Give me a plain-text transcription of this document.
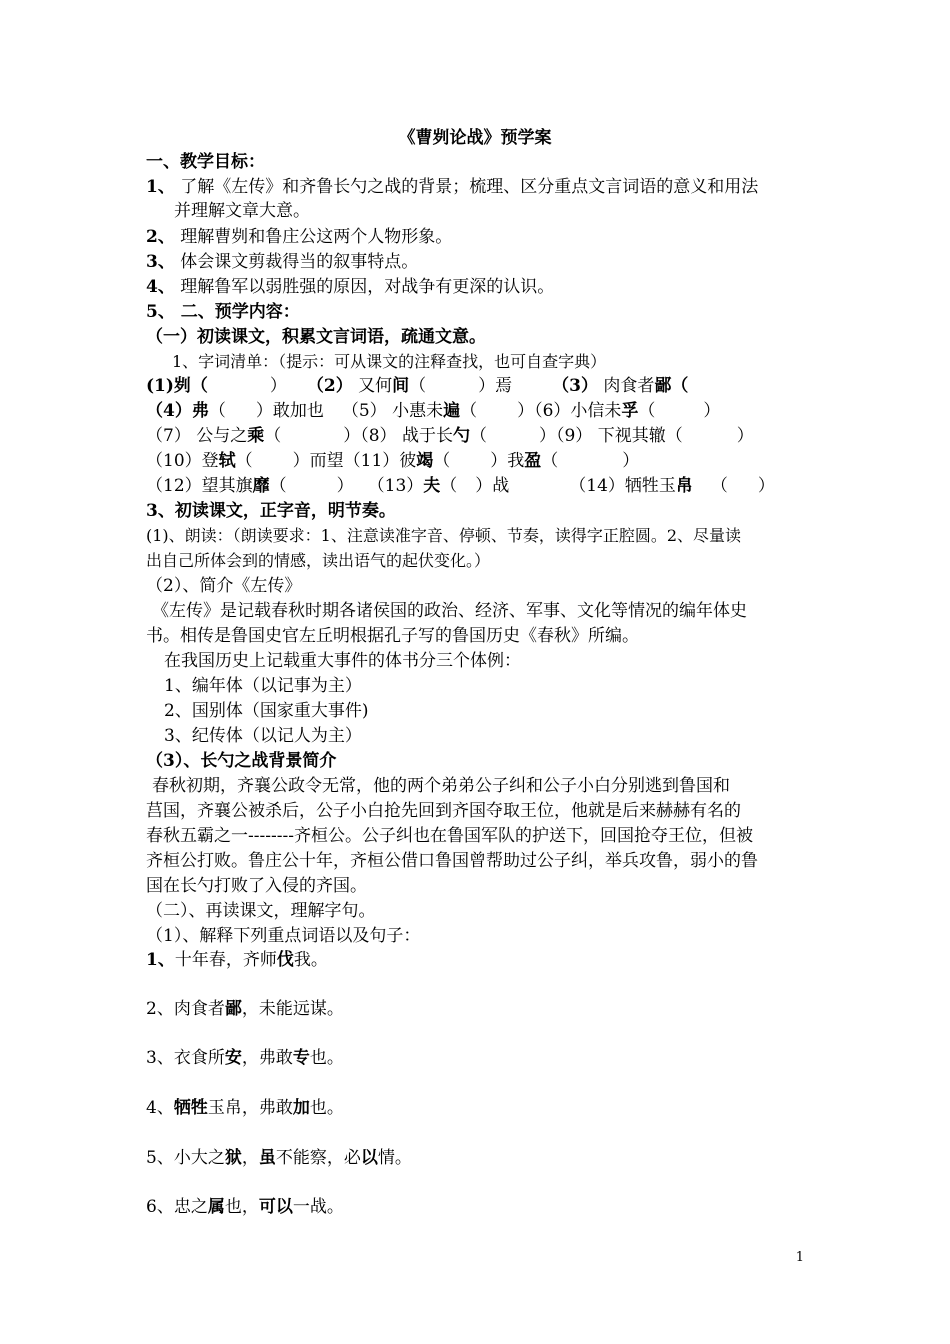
《曹刿论战》预学案
一、教学目标：
1、 了解《左传》和齐鲁长勺之战的背景；梳理、区分重点文言词语的意义和用法
并理解文章大意。
2、 理解曹刿和鲁庄公这两个人物形象。
3、 体会课文剪裁得当的叙事特点。
4、 理解鲁军以弱胜强的原因，对战争有更深的认识。
5、 二、预学内容：
（一）初读课文，积累文言词语，疏通文意。
1、字词清单：（提示：可从课文的注释查找，也可自查字典）
(1)刿（	） （2） 又何间（	）焉 （3） 肉食者鄙（
（4）弗（ ）敢加也 （5） 小惠未遍（ ）（6）小信未孚（	）
（7） 公与之乘（	）（8） 战于长勺（	）（9） 下视其辙（	）
（10）登轼（ ）而望（11）彼竭（ ）我盈（	）
（12）望其旗靡（	） （13）夫（ ）战	（14）牺牲玉帛 （ ）
3、初读课文，正字音，明节奏。
(1)、朗读：（朗读要求：1、注意读准字音、停顿、节奏，读得字正腔圆。2、尽量读
出自己所体会到的情感，读出语气的起伏变化。）
（2）、简介《左传》
《左传》是记载春秋时期各诸侯国的政治、经济、军事、文化等情况的编年体史
书。相传是鲁国史官左丘明根据孔子写的鲁国历史《春秋》所编。
在我国历史上记载重大事件的体书分三个体例：
1、编年体（以记事为主）
2、国别体（国家重大事件)
3、纪传体（以记人为主）
（3）、长勺之战背景简介
春秋初期，齐襄公政令无常，他的两个弟弟公子纠和公子小白分别逃到鲁国和
莒国，齐襄公被杀后，公子小白抢先回到齐国夺取王位，他就是后来赫赫有名的
春秋五霸之一--------齐桓公。公子纠也在鲁国军队的护送下，回国抢夺王位，但被
齐桓公打败。鲁庄公十年，齐桓公借口鲁国曾帮助过公子纠，举兵攻鲁，弱小的鲁
国在长勺打败了入侵的齐国。
（二）、再读课文，理解字句。
（1）、解释下列重点词语以及句子：
1、十年春，齐师伐我。
2、肉食者鄙，未能远谋。
3、衣食所安，弗敢专也。
4、牺牲玉帛，弗敢加也。
5、小大之狱，虽不能察，必以情。
6、忠之属也，可以一战。
1
